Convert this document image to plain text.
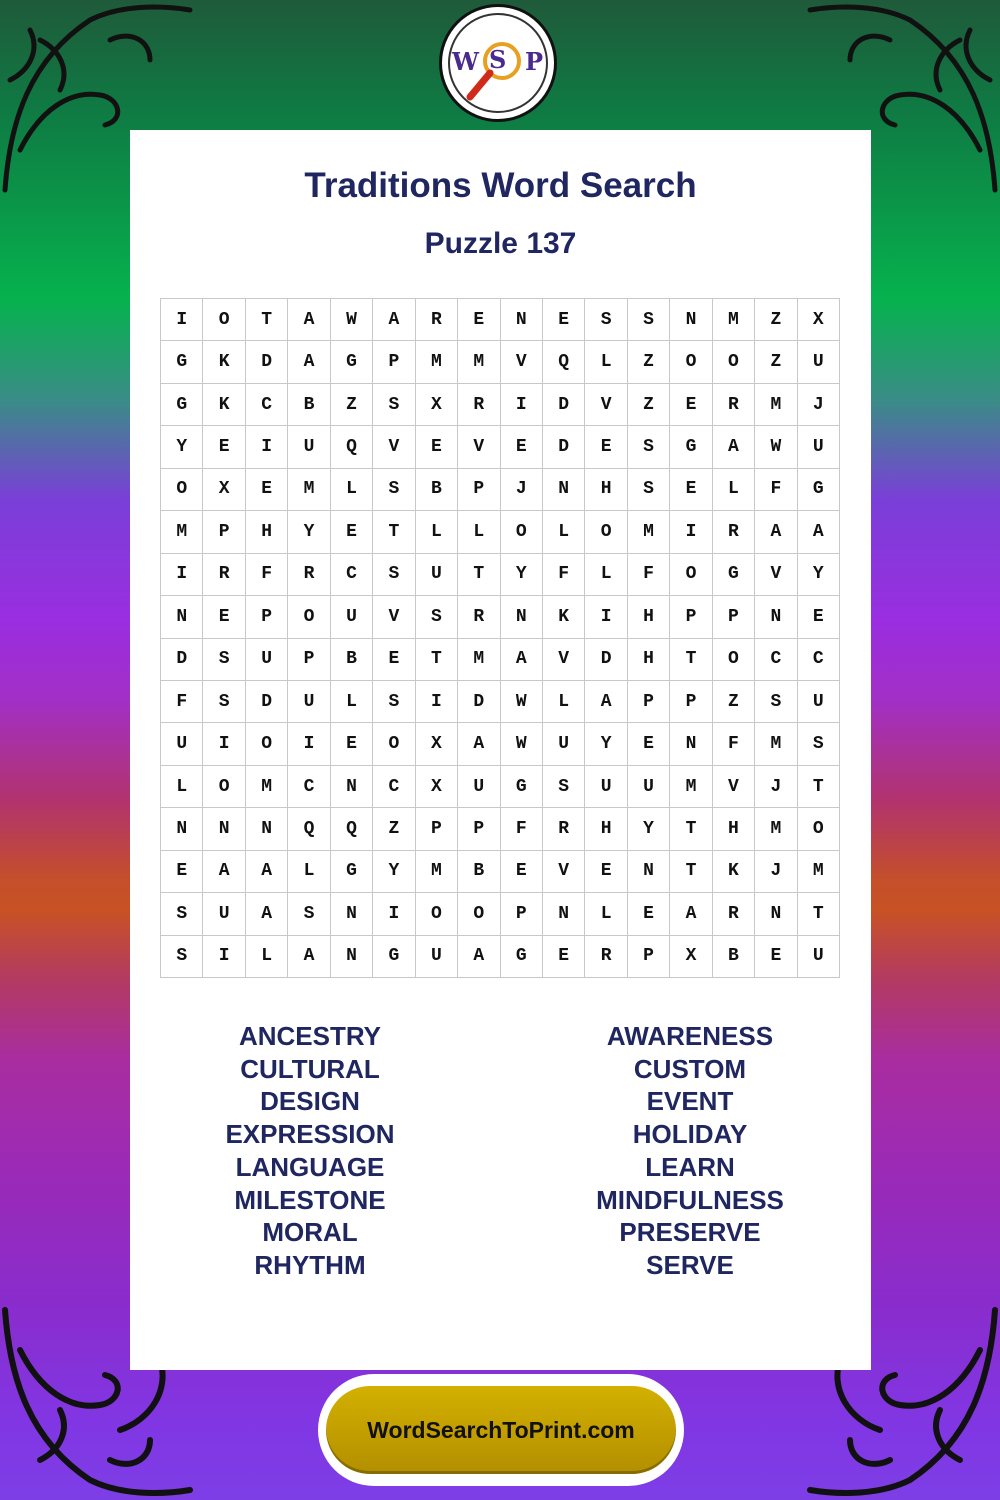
W S P
Traditions Word Search
Puzzle 137
I	O	T	A	W	A	R	E	N	E	S	S	N	M	Z	X
G	K	D	A	G	P	M	M	V	Q	L	Z	O	O	Z	U
G	K	C	B	Z	S	X	R	I	D	V	Z	E	R	M	J
Y	E	I	U	Q	V	E	V	E	D	E	S	G	A	W	U
O	X	E	M	L	S	B	P	J	N	H	S	E	L	F	G
M	P	H	Y	E	T	L	L	O	L	O	M	I	R	A	A
I	R	F	R	C	S	U	T	Y	F	L	F	O	G	V	Y
N	E	P	O	U	V	S	R	N	K	I	H	P	P	N	E
D	S	U	P	B	E	T	M	A	V	D	H	T	O	C	C
F	S	D	U	L	S	I	D	W	L	A	P	P	Z	S	U
U	I	O	I	E	O	X	A	W	U	Y	E	N	F	M	S
L	O	M	C	N	C	X	U	G	S	U	U	M	V	J	T
N	N	N	Q	Q	Z	P	P	F	R	H	Y	T	H	M	O
E	A	A	L	G	Y	M	B	E	V	E	N	T	K	J	M
S	U	A	S	N	I	O	O	P	N	L	E	A	R	N	T
S	I	L	A	N	G	U	A	G	E	R	P	X	B	E	U
ANCESTRY
CULTURAL
DESIGN
EXPRESSION
LANGUAGE
MILESTONE
MORAL
RHYTHM
AWARENESS
CUSTOM
EVENT
HOLIDAY
LEARN
MINDFULNESS
PRESERVE
SERVE
WordSearchToPrint.com
